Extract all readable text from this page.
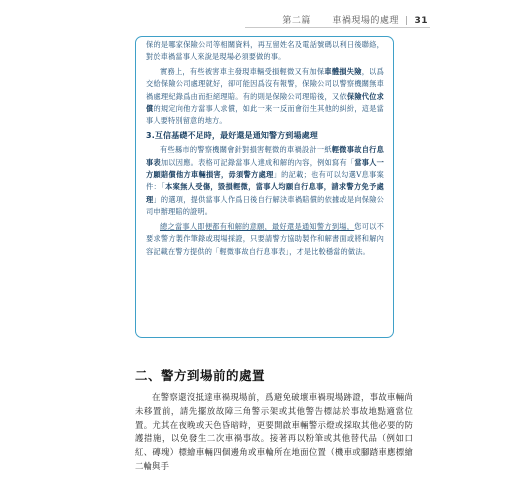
第二篇　 車禍現場的處理 | 31

保的是哪家保險公司等相關資料，再互留姓名及電話號碼以利日後聯絡，對於車禍當事人來說是現場必須要做的事。

實務上，有些被害車主發現車輛受損輕微又有加保車體損失險，以爲交給保險公司處理就好，卻可能因爲沒有報警，保險公司以警察機關無車禍處理紀錄爲由而拒絕理賠。有的則是保險公司理賠後，又依保險代位求償的規定向他方當事人求償，如此一來一反而會衍生其他的糾紛，這是當事人要特別留意的地方。

3.互信基礎不足時，最好還是通知警方到場處理

有些縣市的警察機關會針對損害輕微的車禍設計一紙輕微事故自行息事表加以因應。表格可記錄當事人達成和解的內容，例如寫有「當事人一方願賠償他方車輛損害，毋須警方處理」的記載；也有可以勾選V息事案件：「本案無人受傷，毀損輕微，當事人均願自行息事，請求警方免予處理」的選項，提供當事人作爲日後自行解決車禍賠償的依據或是向保險公司申辦理賠的證明。

總之當事人即便都有和解的意願，最好還是通知警方到場，您可以不要求警方製作筆錄或現場採證，只要請警方協助製作和解書面或將和解內容記載在警方提供的「輕微事故自行息事表」，才是比較穩當的做法。

二、警方到場前的處置

在警察還沒抵達車禍現場前，爲避免破壞車禍現場跡證，事故車輛尚未移置前，請先擺放故障三角警示架或其他警告標誌於事故地點適當位置。尤其在夜晚或天色昏暗時，更要開啟車輛警示燈或採取其他必要的防護措施，以免發生二次車禍事故。接著再以粉筆或其他替代品（例如口紅、磚塊）標繪車輛四個邊角或車輪所在地面位置（機車或腳踏車應標繪二輪與手
